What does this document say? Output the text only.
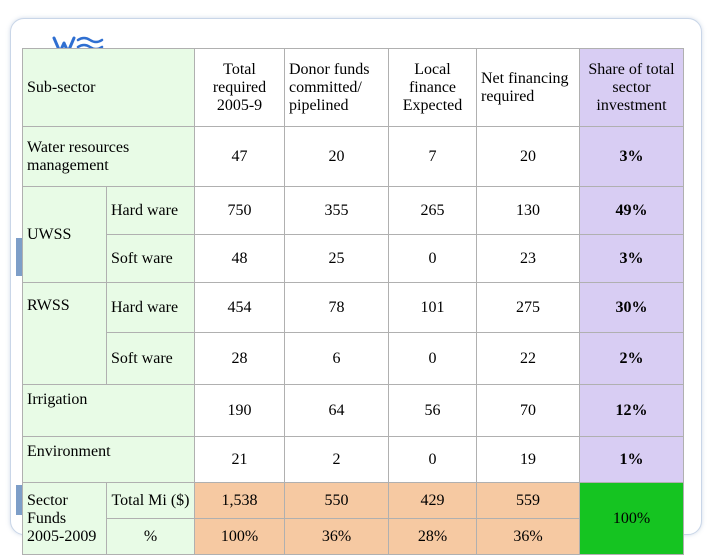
Sub-sector		Total required 2005-9	Donor funds committed/ pipelined	Local finance Expected	Net financing required	Share of total sector investment
Water resources management		47	20	7	20	3%
UWSS	Hard ware	750	355	265	130	49%
	Soft ware	48	25	0	23	3%
RWSS	Hard ware	454	78	101	275	30%
	Soft ware	28	6	0	22	2%
Irrigation		190	64	56	70	12%
Environment		21	2	0	19	1%
Sector Funds 2005-2009	Total Mi ($)	1,538	550	429	559	100%
	%	100%	36%	28%	36%	
